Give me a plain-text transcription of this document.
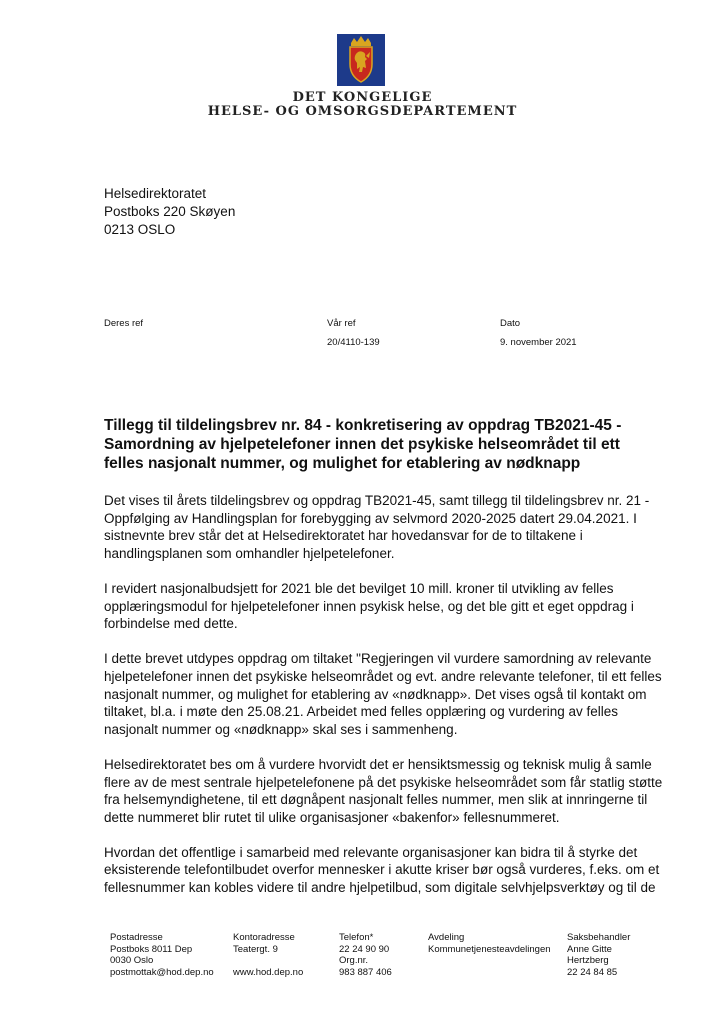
DET KONGELIGE
HELSE- OG OMSORGSDEPARTEMENT
Helsedirektoratet
Postboks 220 Skøyen
0213 OSLO
Deres ref	Vår ref
20/4110-139
Dato
9. november 2021
Tillegg til tildelingsbrev nr. 84 - konkretisering av oppdrag TB2021-45 - Samordning av hjelpetelefoner innen det psykiske helseområdet til ett felles nasjonalt nummer, og mulighet for etablering av nødknapp

Det vises til årets tildelingsbrev og oppdrag TB2021-45, samt tillegg til tildelingsbrev nr. 21 - Oppfølging av Handlingsplan for forebygging av selvmord 2020-2025 datert 29.04.2021. I sistnevnte brev står det at Helsedirektoratet har hovedansvar for de to tiltakene i handlingsplanen som omhandler hjelpetelefoner.

I revidert nasjonalbudsjett for 2021 ble det bevilget 10 mill. kroner til utvikling av felles opplæringsmodul for hjelpetelefoner innen psykisk helse, og det ble gitt et eget oppdrag i forbindelse med dette.

I dette brevet utdypes oppdrag om tiltaket "Regjeringen vil vurdere samordning av relevante hjelpetelefoner innen det psykiske helseområdet og evt. andre relevante telefoner, til ett felles nasjonalt nummer, og mulighet for etablering av «nødknapp». Det vises også til kontakt om tiltaket, bl.a. i møte den 25.08.21. Arbeidet med felles opplæring og vurdering av felles nasjonalt nummer og «nødknapp» skal ses i sammenheng.

Helsedirektoratet bes om å vurdere hvorvidt det er hensiktsmessig og teknisk mulig å samle flere av de mest sentrale hjelpetelefonene på det psykiske helseområdet som får statlig støtte fra helsemyndighetene, til ett døgnåpent nasjonalt felles nummer, men slik at innringerne til dette nummeret blir rutet til ulike organisasjoner «bakenfor» fellesnummeret.

Hvordan det offentlige i samarbeid med relevante organisasjoner kan bidra til å styrke det eksisterende telefontilbudet overfor mennesker i akutte kriser bør også vurderes, f.eks. om et fellesnummer kan kobles videre til andre hjelpetilbud, som digitale selvhjelpsverktøy og til de

Postadresse
Postboks 8011 Dep
0030 Oslo
postmottak@hod.dep.no
Kontoradresse
Teatergt. 9

www.hod.dep.no
Telefon*
22 24 90 90
Org.nr.
983 887 406
Avdeling
Kommunetjenesteavdelingen
Saksbehandler
Anne Gitte
Hertzberg
22 24 84 85
